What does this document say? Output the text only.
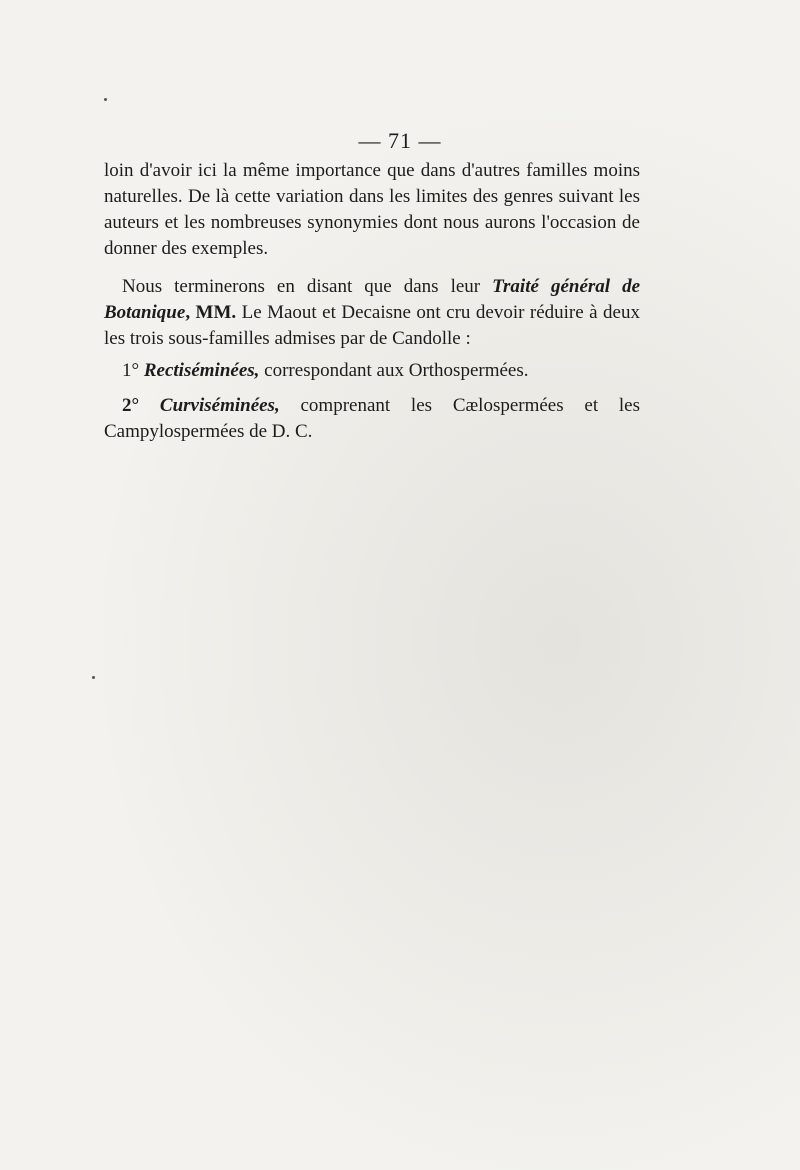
— 71 —

loin d'avoir ici la même importance que dans d'autres familles moins naturelles. De là cette variation dans les limites des genres suivant les auteurs et les nombreuses synonymies dont nous aurons l'occasion de donner des exemples.

Nous terminerons en disant que dans leur Traité général de Botanique, MM. Le Maout et Decaisne ont cru devoir réduire à deux les trois sous-familles admises par de Candolle :

1° Rectiséminées, correspondant aux Orthospermées.

2° Curviséminées, comprenant les Cælospermées et les Campylospermées de D. C.
